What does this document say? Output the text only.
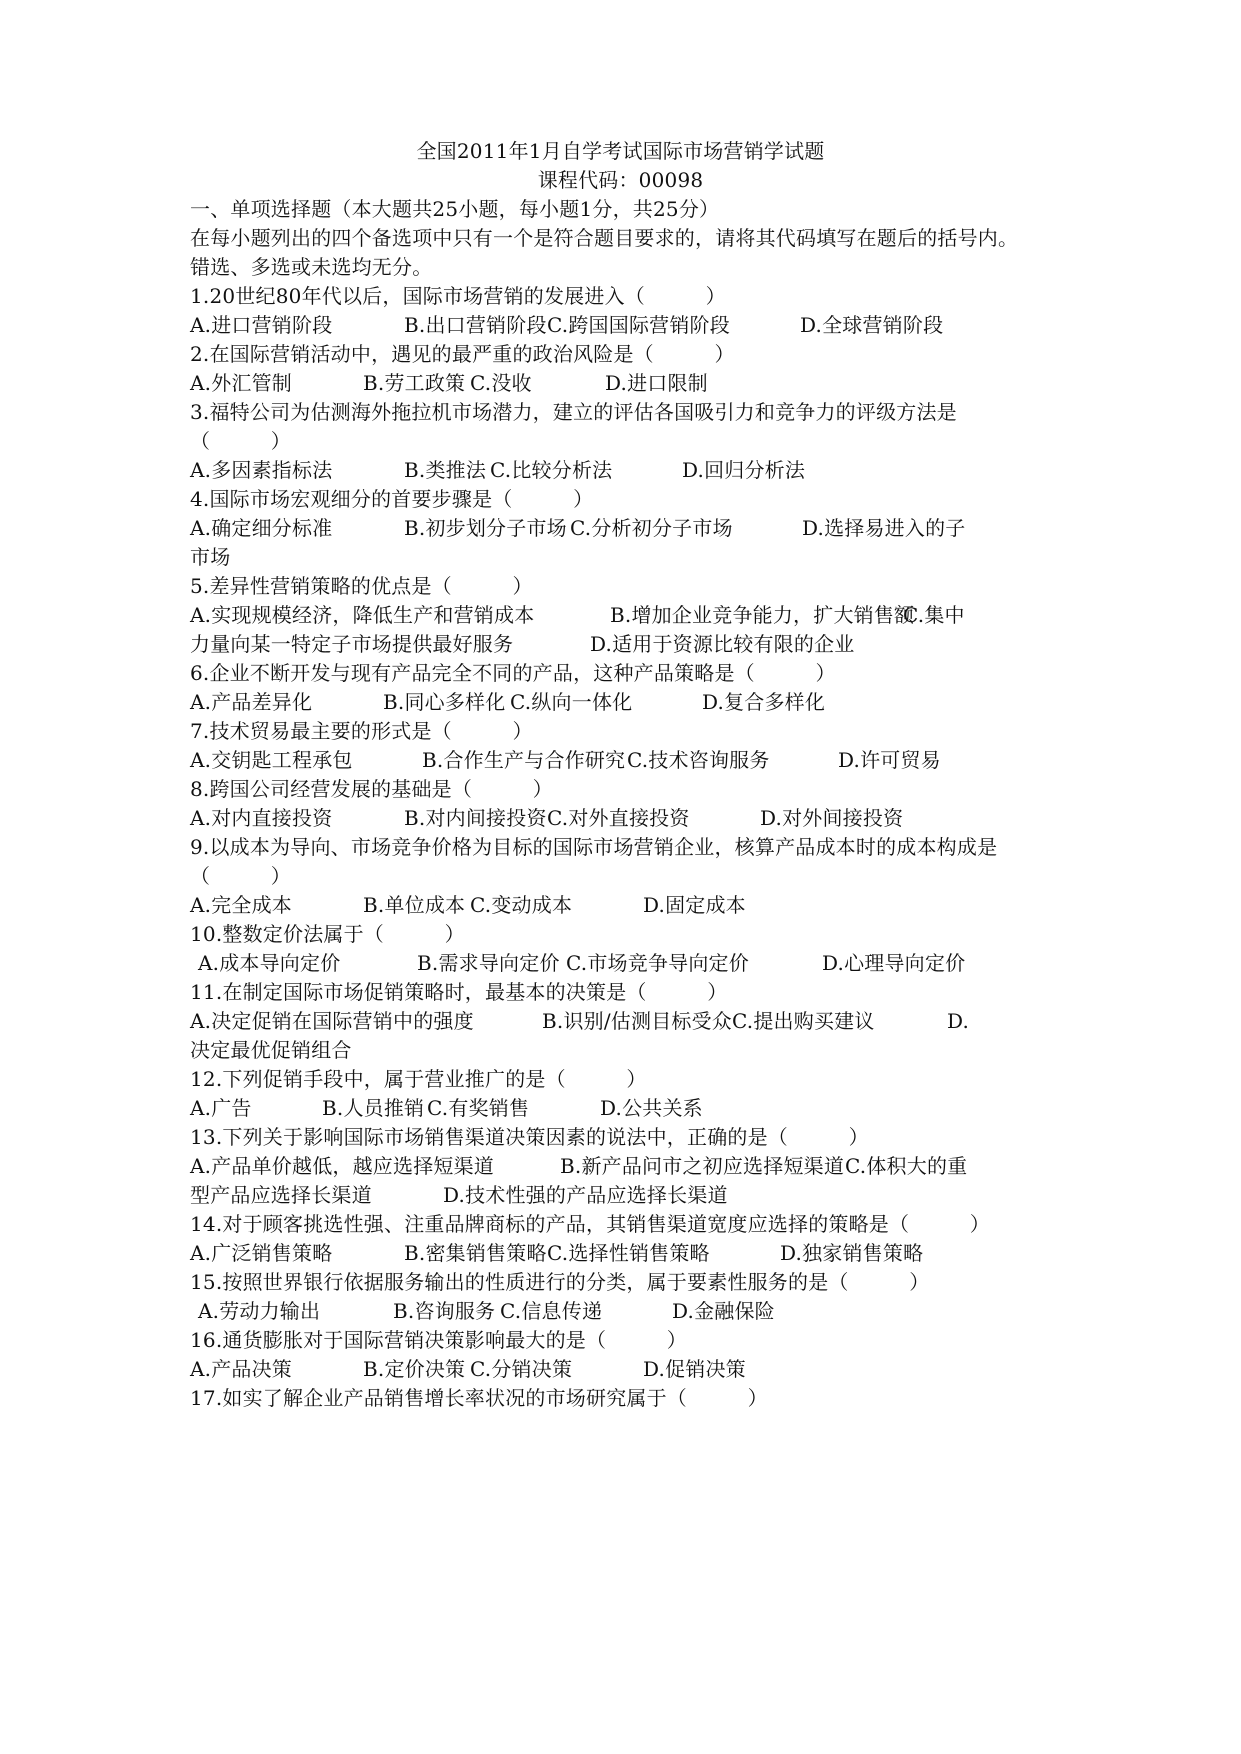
全国2011年1月自学考试国际市场营销学试题
课程代码：00098
一、单项选择题（本大题共25小题，每小题1分，共25分）
在每小题列出的四个备选项中只有一个是符合题目要求的，请将其代码填写在题后的括号内。
错选、多选或未选均无分。
1.20世纪80年代以后，国际市场营销的发展进入（　　　）
A.进口营销阶段	B.出口营销阶段 C.跨国国际营销阶段	D.全球营销阶段
2.在国际营销活动中，遇见的最严重的政治风险是（　　　）
A.外汇管制	B.劳工政策 C.没收	D.进口限制
3.福特公司为估测海外拖拉机市场潜力，建立的评估各国吸引力和竞争力的评级方法是
（　　　）
A.多因素指标法	B.类推法 C.比较分析法	D.回归分析法
4.国际市场宏观细分的首要步骤是（　　　）
A.确定细分标准	B.初步划分子市场 C.分析初分子市场	D.选择易进入的子
市场
5.差异性营销策略的优点是（　　　）
A.实现规模经济，降低生产和营销成本	B.增加企业竞争能力，扩大销售额
C.集中
力量向某一特定子市场提供最好服务	D.适用于资源比较有限的企业
6.企业不断开发与现有产品完全不同的产品，这种产品策略是（　　　）
A.产品差异化	B.同心多样化 C.纵向一体化	D.复合多样化
7.技术贸易最主要的形式是（　　　）
A.交钥匙工程承包	B.合作生产与合作研究 C.技术咨询服务	D.许可贸易
8.跨国公司经营发展的基础是（　　　）
A.对内直接投资	B.对内间接投资 C.对外直接投资	D.对外间接投资
9.以成本为导向、市场竞争价格为目标的国际市场营销企业，核算产品成本时的成本构成是
（　　　）
A.完全成本	B.单位成本 C.变动成本	D.固定成本
10.整数定价法属于（　　　）
A.成本导向定价	B.需求导向定价 C.市场竞争导向定价	D.心理导向定价
11.在制定国际市场促销策略时，最基本的决策是（　　　）
A.决定促销在国际营销中的强度	B.识别/估测目标受众 C.提出购买建议	D.
决定最优促销组合
12.下列促销手段中，属于营业推广的是（　　　）
A.广告	B.人员推销 C.有奖销售	D.公共关系
13.下列关于影响国际市场销售渠道决策因素的说法中，正确的是（　　　）
A.产品单价越低，越应选择短渠道	B.新产品问市之初应选择短渠道 C.体积大的重
型产品应选择长渠道	D.技术性强的产品应选择长渠道
14.对于顾客挑选性强、注重品牌商标的产品，其销售渠道宽度应选择的策略是（　　　）
A.广泛销售策略	B.密集销售策略 C.选择性销售策略	D.独家销售策略
15.按照世界银行依据服务输出的性质进行的分类，属于要素性服务的是（　　　）
A.劳动力输出	B.咨询服务 C.信息传递	D.金融保险
16.通货膨胀对于国际营销决策影响最大的是（　　　）
A.产品决策	B.定价决策 C.分销决策	D.促销决策
17.如实了解企业产品销售增长率状况的市场研究属于（　　　）
